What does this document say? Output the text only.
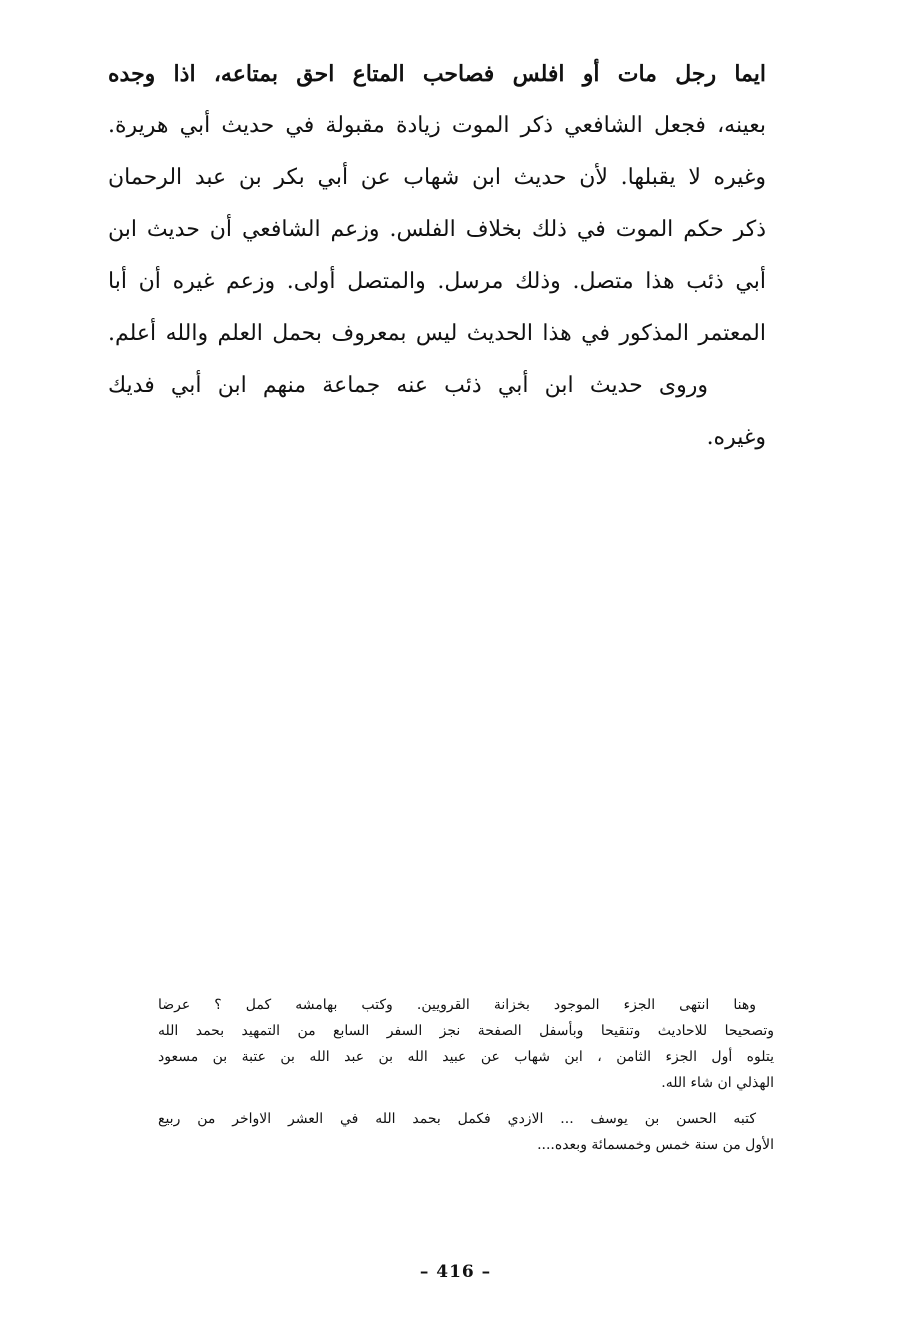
ايما رجل مات أو افلس فصاحب المتاع احق بمتاعه، اذا وجده
بعينه، فجعل الشافعي ذكر الموت زيادة مقبولة في حديث أبي هريرة.
وغيره لا يقبلها. لأن حديث ابن شهاب عن أبي بكر بن عبد الرحمان
ذكر حكم الموت في ذلك بخلاف الفلس. وزعم الشافعي أن حديث ابن
أبي ذئب هذا متصل. وذلك مرسل. والمتصل أولى. وزعم غيره أن أبا
المعتمر المذكور في هذا الحديث ليس بمعروف بحمل العلم والله أعلم.
وروى حديث ابن أبي ذئب عنه جماعة منهم ابن أبي فديك
وغيره.
وهنا انتهى الجزء الموجود بخزانة القرويين. وكتب بهامشه كمل ؟ عرضا
وتصحيحا للاحاديث وتنقيحا وبأسفل الصفحة نجز السفر السابع من التمهيد بحمد الله
يتلوه أول الجزء الثامن ، ابن شهاب عن عبيد الله بن عبد الله بن عتبة بن مسعود
الهذلي ان شاء الله.
كتبه الحسن بن يوسف ... الازدي فكمل بحمد الله في العشر الاواخر من ربيع
الأول من سنة خمس وخمسمائة وبعده....
– 416 –
